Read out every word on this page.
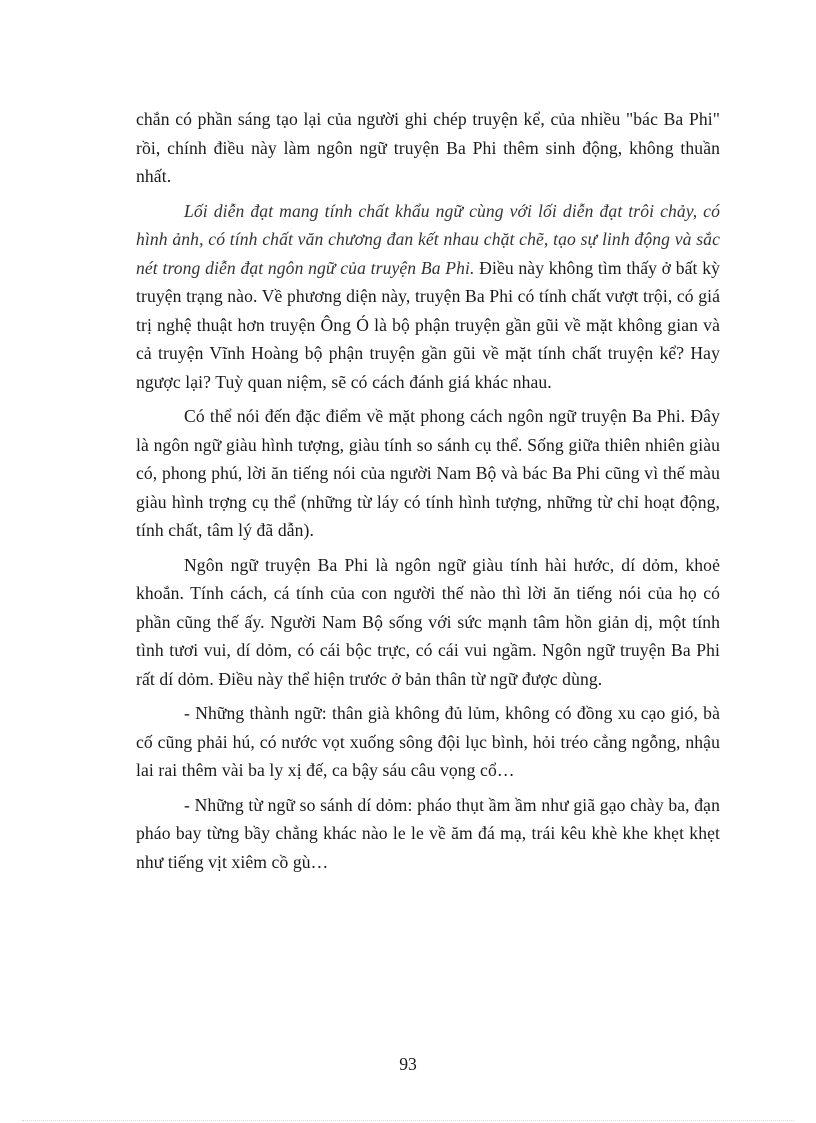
chắn có phần sáng tạo lại của người ghi chép truyện kể, của nhiều "bác Ba Phi" rồi, chính điều này làm ngôn ngữ truyện Ba Phi thêm sinh động, không thuần nhất.

Lối diễn đạt mang tính chất khẩu ngữ cùng với lối diễn đạt trôi chảy, có hình ảnh, có tính chất văn chương đan kết nhau chặt chẽ, tạo sự linh động và sắc nét trong diễn đạt ngôn ngữ của truyện Ba Phi. Điều này không tìm thấy ở bất kỳ truyện trạng nào. Về phương diện này, truyện Ba Phi có tính chất vượt trội, có giá trị nghệ thuật hơn truyện Ông Ó là bộ phận truyện gần gũi về mặt không gian và cả truyện Vĩnh Hoàng bộ phận truyện gần gũi về mặt tính chất truyện kể? Hay ngược lại? Tuỳ quan niệm, sẽ có cách đánh giá khác nhau.

Có thể nói đến đặc điểm về mặt phong cách ngôn ngữ truyện Ba Phi. Đây là ngôn ngữ giàu hình tượng, giàu tính so sánh cụ thể. Sống giữa thiên nhiên giàu có, phong phú, lời ăn tiếng nói của người Nam Bộ và bác Ba Phi cũng vì thế màu giàu hình trợng cụ thể (những từ láy có tính hình tượng, những từ chỉ hoạt động, tính chất, tâm lý đã dẫn).

Ngôn ngữ truyện Ba Phi là ngôn ngữ giàu tính hài hước, dí dỏm, khoẻ khoắn. Tính cách, cá tính của con người thế nào thì lời ăn tiếng nói của họ có phần cũng thế ấy. Người Nam Bộ sống với sức mạnh tâm hồn giản dị, một tính tình tươi vui, dí dỏm, có cái bộc trực, có cái vui ngầm. Ngôn ngữ truyện Ba Phi rất dí dỏm. Điều này thể hiện trước ở bản thân từ ngữ được dùng.

- Những thành ngữ: thân già không đủ lủm, không có đồng xu cạo gió, bà cố cũng phải hú, có nước vọt xuống sông đội lục bình, hỏi tréo cẳng ngỗng, nhậu lai rai thêm vài ba ly xị đế, ca bậy sáu câu vọng cổ…

- Những từ ngữ so sánh dí dỏm: pháo thụt ầm ầm như giã gạo chày ba, đạn pháo bay từng bầy chẳng khác nào le le về ăm đá mạ, trái kêu khè khe khẹt khẹt như tiếng vịt xiêm cồ gù…

93
